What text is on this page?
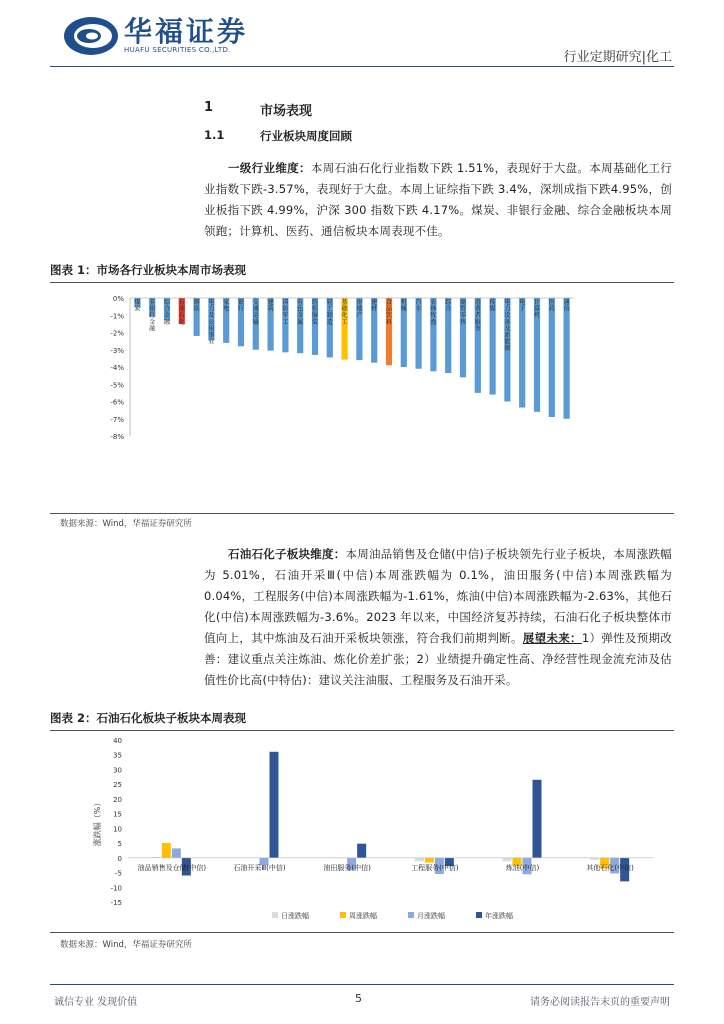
华福证券
HUAFU SECURITIES CO.,LTD.	行业定期研究|化工
1	市场表现
1.1	行业板块周度回顾
一级行业维度：本周石油石化行业指数下跌 1.51%，表现好于大盘。本周基础化工行业指数下跌-3.57%，表现好于大盘。本周上证综指下跌 3.4%，深圳成指下跌4.95%，创业板指下跌 4.99%，沪深 300 指数下跌 4.17%。煤炭、非银行金融、综合金融板块本周领跑；计算机、医药、通信板块本周表现不佳。
图表 1：市场各行业板块本周市场表现
0%
-1%
-2%
-3%
-4%
-5%
-6%
-7%
-8%
煤炭
非银行金融
综合金融
石油石化
钢铁
电力及公用事业
家电
银行
交通运输
建筑
国防军工
有色金属
纺织服装
轻工制造
基础化工
房地产
建材
食品饮料
机械
汽车
农林牧渔
综合
商贸零售
消费者服务
传媒
电力设备及新能源
电子
计算机
医药
通信
数据来源：Wind，华福证券研究所
石油石化子板块维度：本周油品销售及仓储(中信)子板块领先行业子板块，本周涨跌幅为 5.01%，石油开采Ⅲ(中信)本周涨跌幅为 0.1%，油田服务(中信)本周涨跌幅为 0.04%，工程服务(中信)本周涨跌幅为-1.61%，炼油(中信)本周涨跌幅为-2.63%，其他石化(中信)本周涨跌幅为-3.6%。2023 年以来，中国经济复苏持续，石油石化子板块整体市值向上，其中炼油及石油开采板块领涨，符合我们前期判断。展望未来：1）弹性及预期改善：建议重点关注炼油、炼化价差扩张；2）业绩提升确定性高、净经营性现金流充沛及估值性价比高(中特估)：建议关注油服、工程服务及石油开采。
图表 2：石油石化板块子板块本周表现
40
35
30
25
20
15
10
5
0
-5
-10
-15
涨跌幅（%）
油品销售及仓储(中信)	石油开采Ⅲ(中信)	油田服务(中信)	工程服务(中信)	炼油(中信)	其他石化(中信)
日涨跌幅	周涨跌幅	月涨跌幅	年涨跌幅
数据来源：Wind，华福证券研究所
诚信专业 发现价值	5	请务必阅读报告末页的重要声明
